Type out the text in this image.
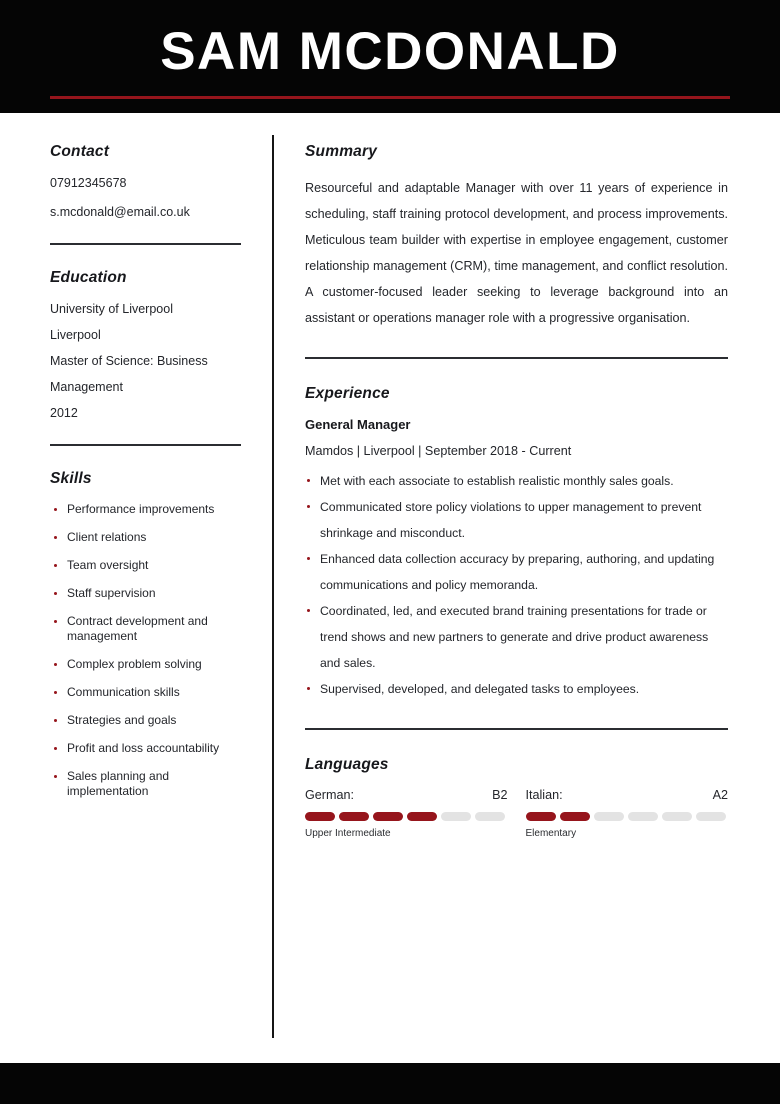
SAM MCDONALD
Contact
07912345678
s.mcdonald@email.co.uk
Education
University of Liverpool
Liverpool
Master of Science: Business
Management
2012
Skills
Performance improvements
Client relations
Team oversight
Staff supervision
Contract development and management
Complex problem solving
Communication skills
Strategies and goals
Profit and loss accountability
Sales planning and implementation
Summary

Resourceful and adaptable Manager with over 11 years of experience in scheduling, staff training protocol development, and process improvements. Meticulous team builder with expertise in employee engagement, customer relationship management (CRM), time management, and conflict resolution. A customer-focused leader seeking to leverage background into an assistant or operations manager role with a progressive organisation.

Experience
General Manager
Mamdos | Liverpool | September 2018 - Current
Met with each associate to establish realistic monthly sales goals.
Communicated store policy violations to upper management to prevent shrinkage and misconduct.
Enhanced data collection accuracy by preparing, authoring, and updating communications and policy memoranda.
Coordinated, led, and executed brand training presentations for trade or trend shows and new partners to generate and drive product awareness and sales.
Supervised, developed, and delegated tasks to employees.
Languages
German:	B2
Upper Intermediate
Italian:	A2
Elementary
